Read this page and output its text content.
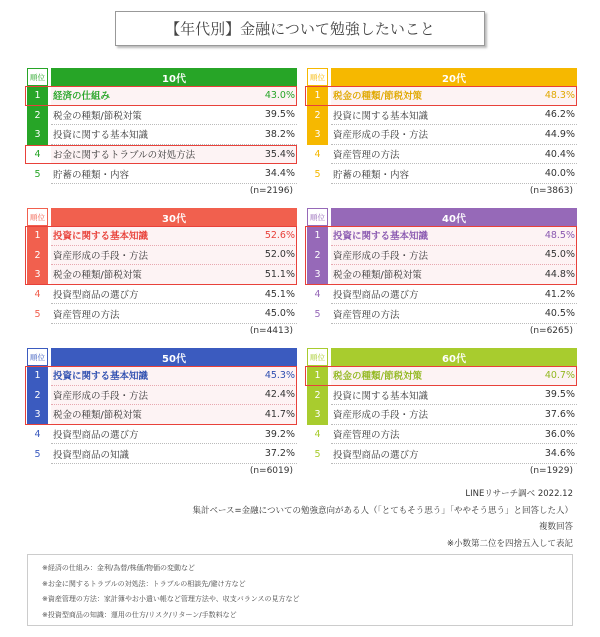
【年代別】金融について勉強したいこと
順位	10代
1	経済の仕組み	43.0%
2	税金の種類/節税対策	39.5%
3	投資に関する基本知識	38.2%
4	お金に関するトラブルの対処方法	35.4%
5	貯蓄の種類・内容	34.4%
(n=2196)
順位	20代
1	税金の種類/節税対策	48.3%
2	投資に関する基本知識	46.2%
3	資産形成の手段・方法	44.9%
4	資産管理の方法	40.4%
5	貯蓄の種類・内容	40.0%
(n=3863)
順位	30代
1	投資に関する基本知識	52.6%
2	資産形成の手段・方法	52.0%
3	税金の種類/節税対策	51.1%
4	投資型商品の選び方	45.1%
5	資産管理の方法	45.0%
(n=4413)
順位	40代
1	投資に関する基本知識	48.5%
2	資産形成の手段・方法	45.0%
3	税金の種類/節税対策	44.8%
4	投資型商品の選び方	41.2%
5	資産管理の方法	40.5%
(n=6265)
順位	50代
1	投資に関する基本知識	45.3%
2	資産形成の手段・方法	42.4%
3	税金の種類/節税対策	41.7%
4	投資型商品の選び方	39.2%
5	投資型商品の知識	37.2%
(n=6019)
順位	60代
1	税金の種類/節税対策	40.7%
2	投資に関する基本知識	39.5%
3	資産形成の手段・方法	37.6%
4	資産管理の方法	36.0%
5	投資型商品の選び方	34.6%
(n=1929)
LINEリサーチ調べ 2022.12
集計ベース=金融についての勉強意向がある人（「とてもそう思う」「ややそう思う」と回答した人）
複数回答
※小数第二位を四捨五入して表記
※経済の仕組み：金利/為替/株価/物価の変動など
※お金に関するトラブルの対処法：トラブルの相談先/避け方など
※資産管理の方法：家計簿やお小遣い帳など管理方法や、収支バランスの見方など
※投資型商品の知識：運用の仕方/リスク/リターン/手数料など
